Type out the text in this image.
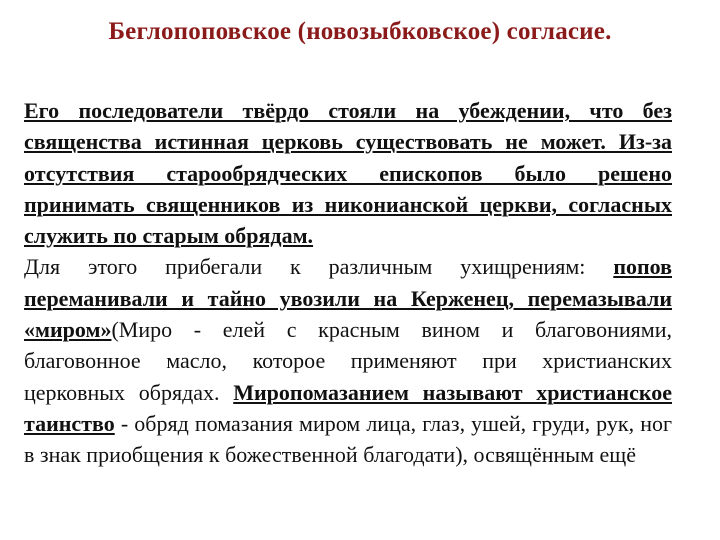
Беглопоповское (новозыбковское) согласие.
Его последователи твёрдо стояли на убеждении, что без священства истинная церковь существовать не может. Из-за отсутствия старообрядческих епископов было решено принимать священников из никонианской церкви, согласных служить по старым обрядам.
Для этого прибегали к различным ухищрениям: попов переманивали и тайно увозили на Керженец, перемазывали «миром»(Миро - елей с красным вином и благовониями, благовонное масло, которое применяют при христианских церковных обрядах. Миропомазанием называют христианское таинство - обряд помазания миром лица, глаз, ушей, груди, рук, ног в знак приобщения к божественной благодати), освящённым ещё
